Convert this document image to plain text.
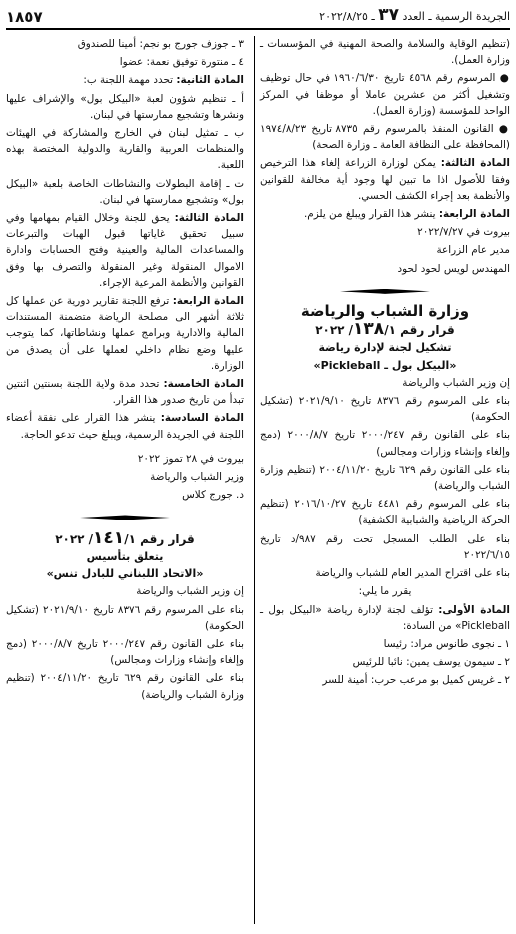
الجريدة الرسمية ـ العدد ٣٧ ـ ٢٠٢٢/٨/٢٥
١٨٥٧

(تنظيم الوقاية والسلامة والصحة المهنية في المؤسسات ـ وزارة العمل).

● المرسوم رقم ٤٥٦٨ تاريخ ١٩٦٠/٦/٣٠ في حال توظيف وتشغيل أكثر من عشرين عاملا أو موظفا في المركز الواحد للمؤسسة (وزارة العمل).

● القانون المنفذ بالمرسوم رقم ٨٧٣٥ تاريخ ١٩٧٤/٨/٢٣ (المحافظة على النظافة العامة ـ وزارة الصحة)

المادة الثالثة: يمكن لوزارة الزراعة إلغاء هذا الترخيص وفقا للأصول اذا ما تبين لها وجود أية مخالفة للقوانين والأنظمة بعد إجراء الكشف الحسي.

المادة الرابعة: ينشر هذا القرار ويبلغ من يلزم.

بيروت في ٢٠٢٢/٧/٢٧

مدير عام الزراعة

المهندس لويس لحود لحود

وزارة الشباب والرياضة
قرار رقم ١٣٨/١/ ٢٠٢٢
تشكيل لجنة لإدارة رياضة
«البيكل بول ـ Pickleball»

إن وزير الشباب والرياضة

بناء على المرسوم رقم ٨٣٧٦ تاريخ ٢٠٢١/٩/١٠ (تشكيل الحكومة)

بناء على القانون رقم ٢٠٠٠/٢٤٧ تاريخ ٢٠٠٠/٨/٧ (دمج وإلغاء وإنشاء وزارات ومجالس)

بناء على القانون رقم ٦٢٩ تاريخ ٢٠٠٤/١١/٢٠ (تنظيم وزارة الشباب والرياضة)

بناء على المرسوم رقم ٤٤٨١ تاريخ ٢٠١٦/١٠/٢٧ (تنظيم الحركة الرياضية والشبابية الكشفية)

بناء على الطلب المسجل تحت رقم ٩٨٧/د تاريخ ٢٠٢٢/٦/١٥

بناء على اقتراح المدير العام للشباب والرياضة

يقرر ما يلي:

المادة الأولى: تؤلف لجنة لإدارة رياضة «البيكل بول ـ Pickleball» من السادة:

١ ـ نجوى طانوس مراد: رئيسا

٢ ـ سيمون يوسف يمين: نائبا للرئيس

٢ ـ غريس كميل بو مرعب حرب: أمينة للسر

٣ ـ جوزف جورج بو نجم: أمينا للصندوق

٤ ـ منتورة توفيق نعمة: عضوا

المادة الثانية: تحدد مهمة اللجنة ب:

أ ـ تنظيم شؤون لعبة «البيكل بول» والإشراف عليها ونشرها وتشجيع ممارستها في لبنان.

ب ـ تمثيل لبنان في الخارج والمشاركة في الهيئات والمنظمات العربية والقارية والدولية المختصة بهذه اللعبة.

ت ـ إقامة البطولات والنشاطات الخاصة بلعبة «البيكل بول» وتشجيع ممارستها في لبنان.

المادة الثالثة: يحق للجنة وخلال القيام بمهامها وفي سبيل تحقيق غاياتها قبول الهبات والتبرعات والمساعدات المالية والعينية وفتح الحسابات وادارة الاموال المنقولة وغير المنقولة والتصرف بها وفق القوانين والأنظمة المرعية الإجراء.

المادة الرابعة: ترفع اللجنة تقارير دورية عن عملها كل ثلاثة أشهر الى مصلحة الرياضة متضمنة المستندات المالية والادارية وبرامج عملها ونشاطاتها، كما يتوجب عليها وضع نظام داخلي لعملها على أن يصدق من الوزارة.

المادة الخامسة: تحدد مدة ولاية اللجنة بسنتين اثنتين تبدأ من تاريخ صدور هذا القرار.

المادة السادسة: ينشر هذا القرار على نفقة أعضاء اللجنة في الجريدة الرسمية، ويبلغ حيث تدعو الحاجة.

بيروت في ٢٨ تموز ٢٠٢٢

وزير الشباب والرياضة

د. جورج كلاس

قرار رقم ١٤١/١/ ٢٠٢٢
يتعلق بتأسيس
«الاتحاد اللبناني للبادل تنس»

إن وزير الشباب والرياضة

بناء على المرسوم رقم ٨٣٧٦ تاريخ ٢٠٢١/٩/١٠ (تشكيل الحكومة)

بناء على القانون رقم ٢٠٠٠/٢٤٧ تاريخ ٢٠٠٠/٨/٧ (دمج وإلغاء وإنشاء وزارات ومجالس)

بناء على القانون رقم ٦٢٩ تاريخ ٢٠٠٤/١١/٢٠ (تنظيم وزارة الشباب والرياضة)
